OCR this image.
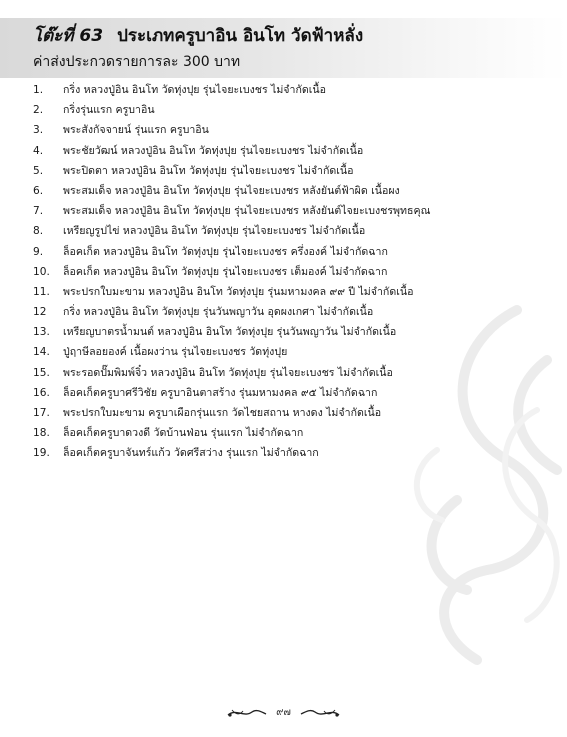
โต๊ะที่ 63 ประเภทครูบาอิน อินโท วัดฟ้าหลั่ง
ค่าส่งประกวดรายการละ 300 บาท
1.	กริ่ง หลวงปู่อิน อินโท วัดทุ่งปุย รุ่นไจยะเบงชร ไม่จำกัดเนื้อ
2.	กริ่งรุ่นแรก ครูบาอิน
3.	พระสังกัจจายน์ รุ่นแรก ครูบาอิน
4.	พระชัยวัฒน์ หลวงปู่อิน อินโท วัดทุ่งปุย รุ่นไจยะเบงชร ไม่จำกัดเนื้อ
5.	พระปิดตา หลวงปู่อิน อินโท วัดทุ่งปุย รุ่นไจยะเบงชร ไม่จำกัดเนื้อ
6.	พระสมเด็จ หลวงปู่อิน อินโท วัดทุ่งปุย รุ่นไจยะเบงชร หลังยันต์ฟ้าผิด เนื้อผง
7.	พระสมเด็จ หลวงปู่อิน อินโท วัดทุ่งปุย รุ่นไจยะเบงชร หลังยันต์ไจยะเบงชรพุทธคุณ
8.	เหรียญรูปไข่ หลวงปู่อิน อินโท วัดทุ่งปุย รุ่นไจยะเบงชร ไม่จำกัดเนื้อ
9.	ล็อคเก็ต หลวงปู่อิน อินโท วัดทุ่งปุย รุ่นไจยะเบงชร ครึ่งองค์ ไม่จำกัดฉาก
10.	ล็อคเก็ต หลวงปู่อิน อินโท วัดทุ่งปุย รุ่นไจยะเบงชร เต็มองค์ ไม่จำกัดฉาก
11.	พระปรกใบมะขาม หลวงปู่อิน อินโท วัดทุ่งปุย รุ่นมหามงคล ๙๙ ปี ไม่จำกัดเนื้อ
12	กริ่ง หลวงปู่อิน อินโท วัดทุ่งปุย รุ่นวันพญาวัน อุดผงเกศา ไม่จำกัดเนื้อ
13.	เหรียญบาตรน้ำมนต์ หลวงปู่อิน อินโท วัดทุ่งปุย รุ่นวันพญาวัน ไม่จำกัดเนื้อ
14.	ปู่ฤาษีลอยองค์ เนื้อผงว่าน รุ่นไจยะเบงชร วัดทุ่งปุย
15.	พระรอดปั๊มพิมพ์จิ๋ว หลวงปู่อิน อินโท วัดทุ่งปุย รุ่นไจยะเบงชร ไม่จำกัดเนื้อ
16.	ล็อคเก็ตครูบาศรีวิชัย ครูบาอินตาสร้าง รุ่นมหามงคล ๙๕ ไม่จำกัดฉาก
17.	พระปรกใบมะขาม ครูบาเผือกรุ่นแรก วัดไชยสถาน หางดง ไม่จำกัดเนื้อ
18.	ล็อคเก็ตครูบาดวงดี วัดบ้านฟ่อน รุ่นแรก ไม่จำกัดฉาก
19.	ล็อคเก็ตครูบาจันทร์แก้ว วัดศรีสว่าง รุ่นแรก ไม่จำกัดฉาก
๙๗
